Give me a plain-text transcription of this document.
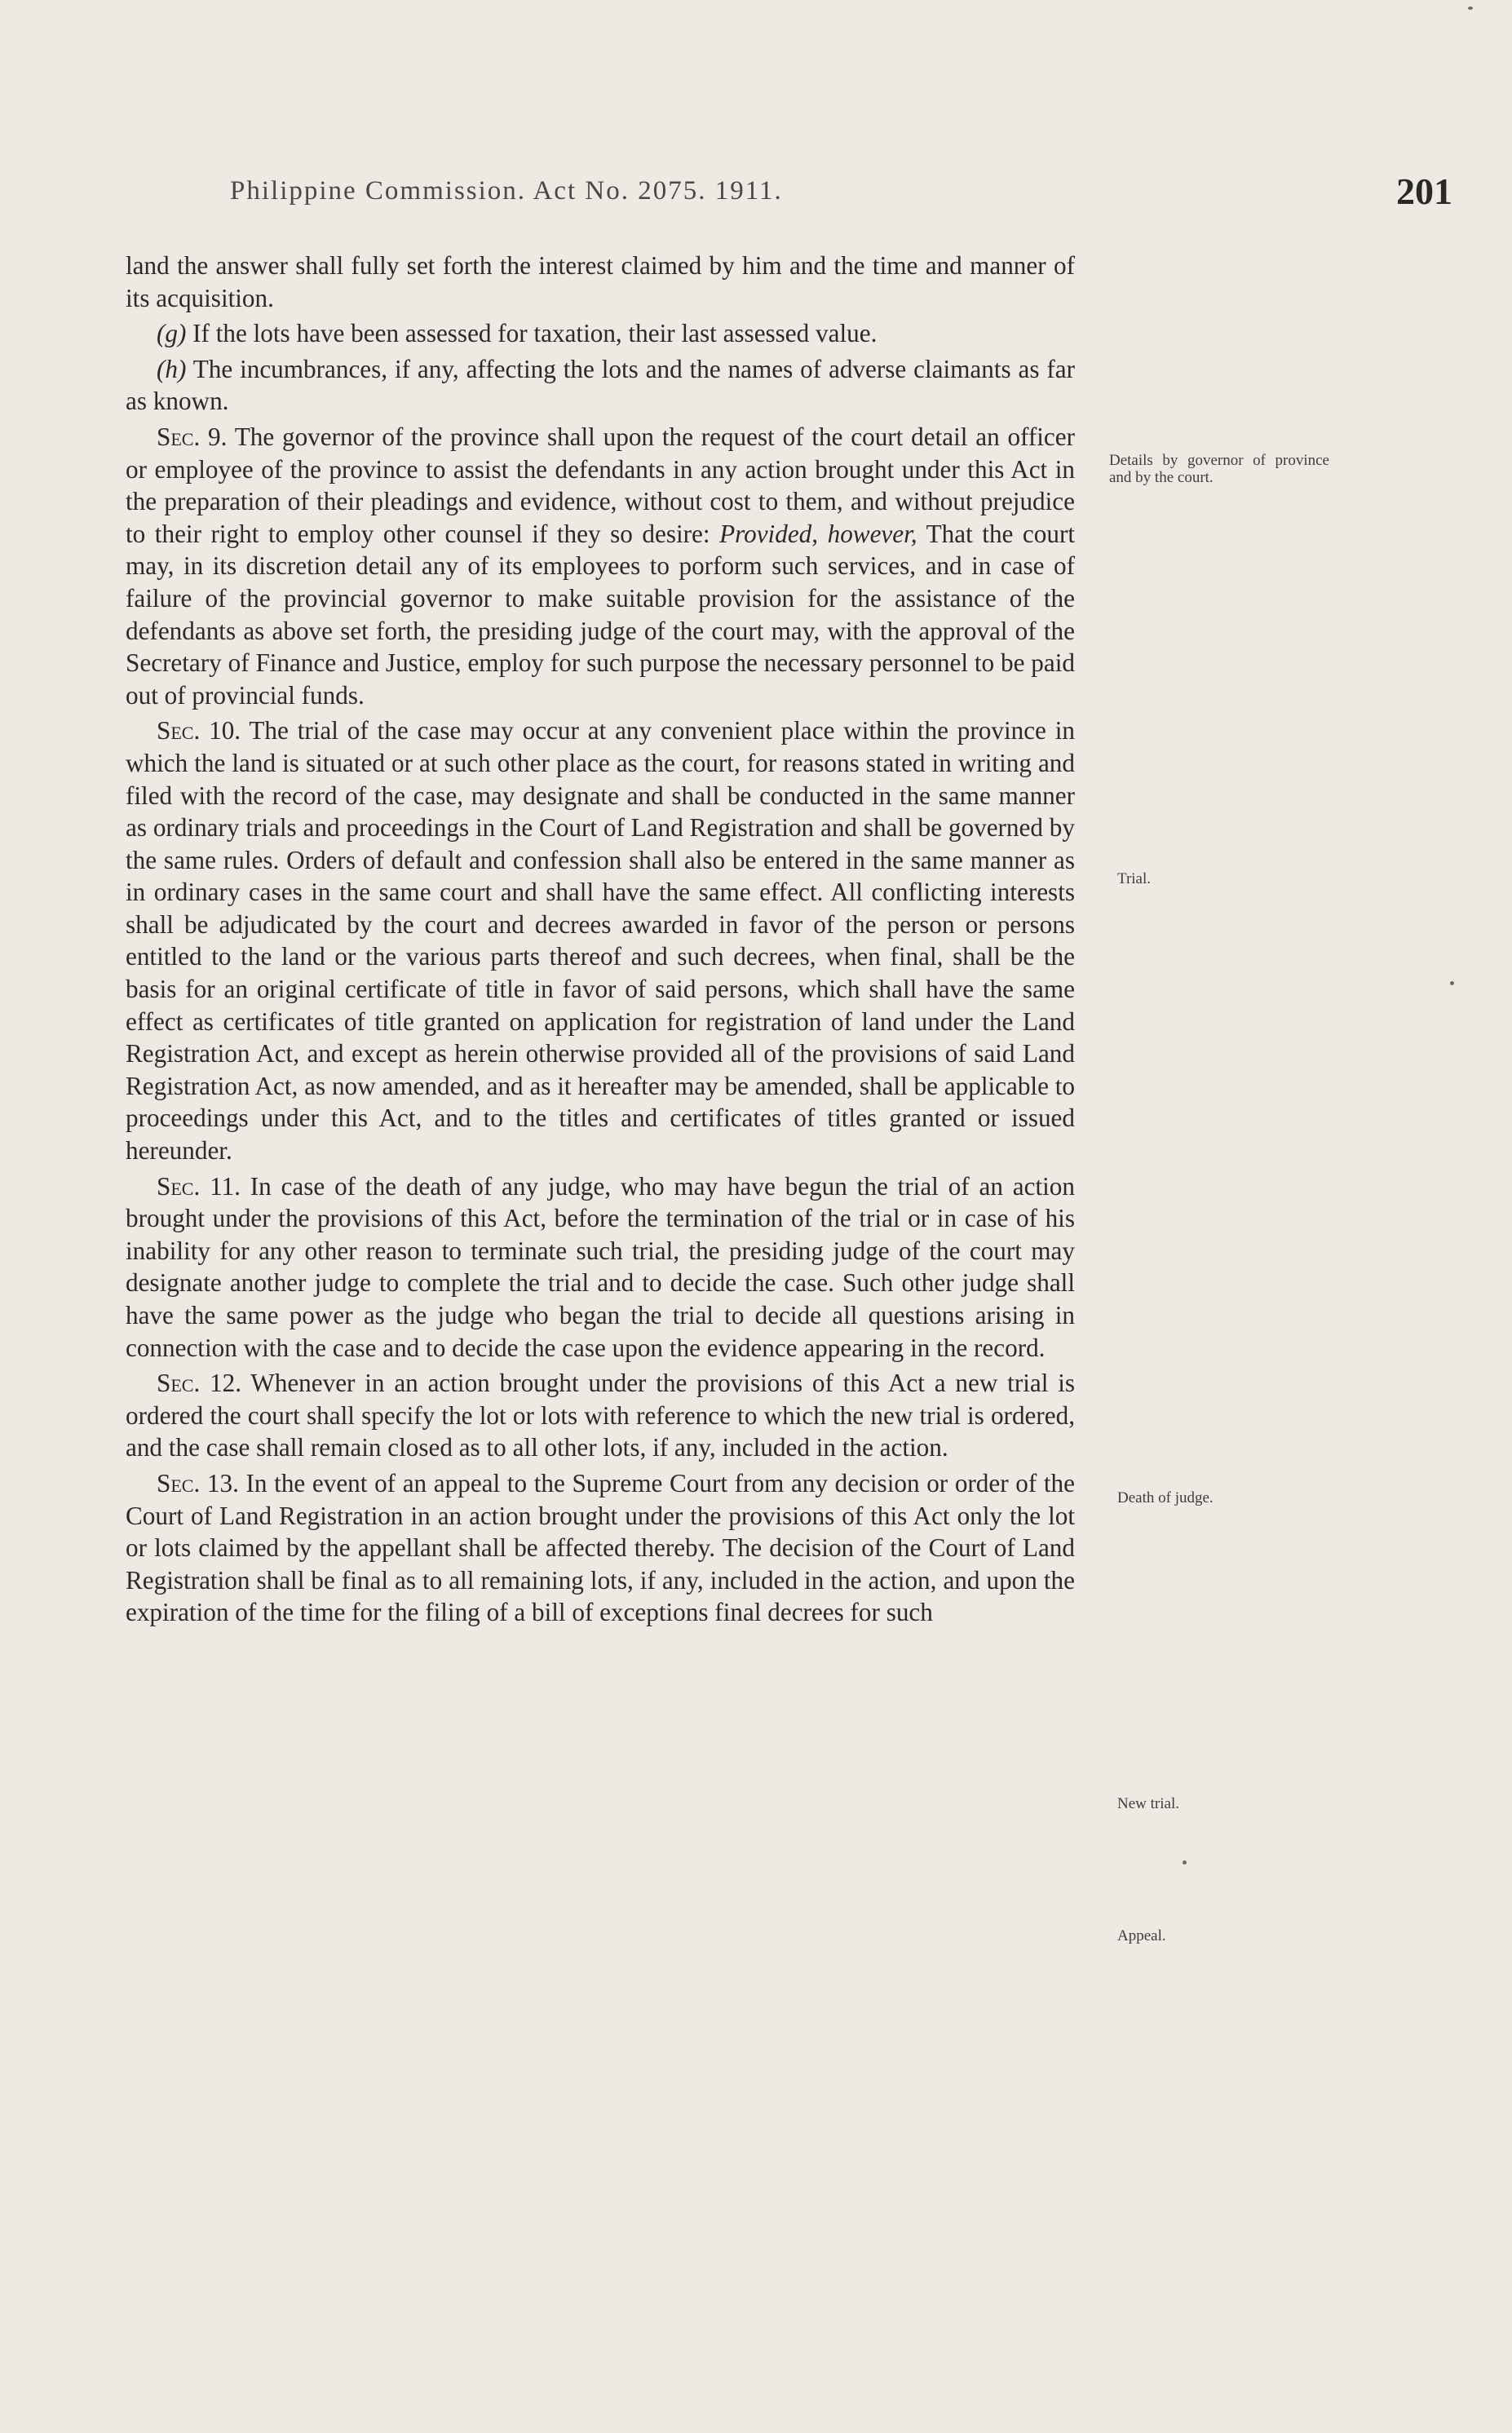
Philippine Commission. Act No. 2075. 1911.	201

land the answer shall fully set forth the interest claimed by him and the time and manner of its acquisition.

(g) If the lots have been assessed for taxation, their last assessed value.

(h) The incumbrances, if any, affecting the lots and the names of adverse claimants as far as known.

Sec. 9. The governor of the province shall upon the request of the court detail an officer or employee of the province to assist the defendants in any action brought under this Act in the preparation of their pleadings and evidence, without cost to them, and without prejudice to their right to employ other counsel if they so desire: Provided, however, That the court may, in its discretion detail any of its employees to porform such services, and in case of failure of the provincial governor to make suitable provision for the assistance of the defendants as above set forth, the presiding judge of the court may, with the approval of the Secretary of Finance and Justice, employ for such purpose the necessary personnel to be paid out of provincial funds.

Sec. 10. The trial of the case may occur at any convenient place within the province in which the land is situated or at such other place as the court, for reasons stated in writing and filed with the record of the case, may designate and shall be conducted in the same manner as ordinary trials and proceedings in the Court of Land Registration and shall be governed by the same rules. Orders of default and confession shall also be entered in the same manner as in ordinary cases in the same court and shall have the same effect. All conflicting interests shall be adjudicated by the court and decrees awarded in favor of the person or persons entitled to the land or the various parts thereof and such decrees, when final, shall be the basis for an original certificate of title in favor of said persons, which shall have the same effect as certificates of title granted on application for registration of land under the Land Registration Act, and except as herein otherwise provided all of the provisions of said Land Registration Act, as now amended, and as it hereafter may be amended, shall be applicable to proceedings under this Act, and to the titles and certificates of titles granted or issued hereunder.

Sec. 11. In case of the death of any judge, who may have begun the trial of an action brought under the provisions of this Act, before the termination of the trial or in case of his inability for any other reason to terminate such trial, the presiding judge of the court may designate another judge to complete the trial and to decide the case. Such other judge shall have the same power as the judge who began the trial to decide all questions arising in connection with the case and to decide the case upon the evidence appearing in the record.

Sec. 12. Whenever in an action brought under the provisions of this Act a new trial is ordered the court shall specify the lot or lots with reference to which the new trial is ordered, and the case shall remain closed as to all other lots, if any, included in the action.

Sec. 13. In the event of an appeal to the Supreme Court from any decision or order of the Court of Land Registration in an action brought under the provisions of this Act only the lot or lots claimed by the appellant shall be affected thereby. The decision of the Court of Land Registration shall be final as to all remaining lots, if any, included in the action, and upon the expiration of the time for the filing of a bill of exceptions final decrees for such

Details by governor of province and by the court.
Trial.
Death of judge.
New trial.
Appeal.
